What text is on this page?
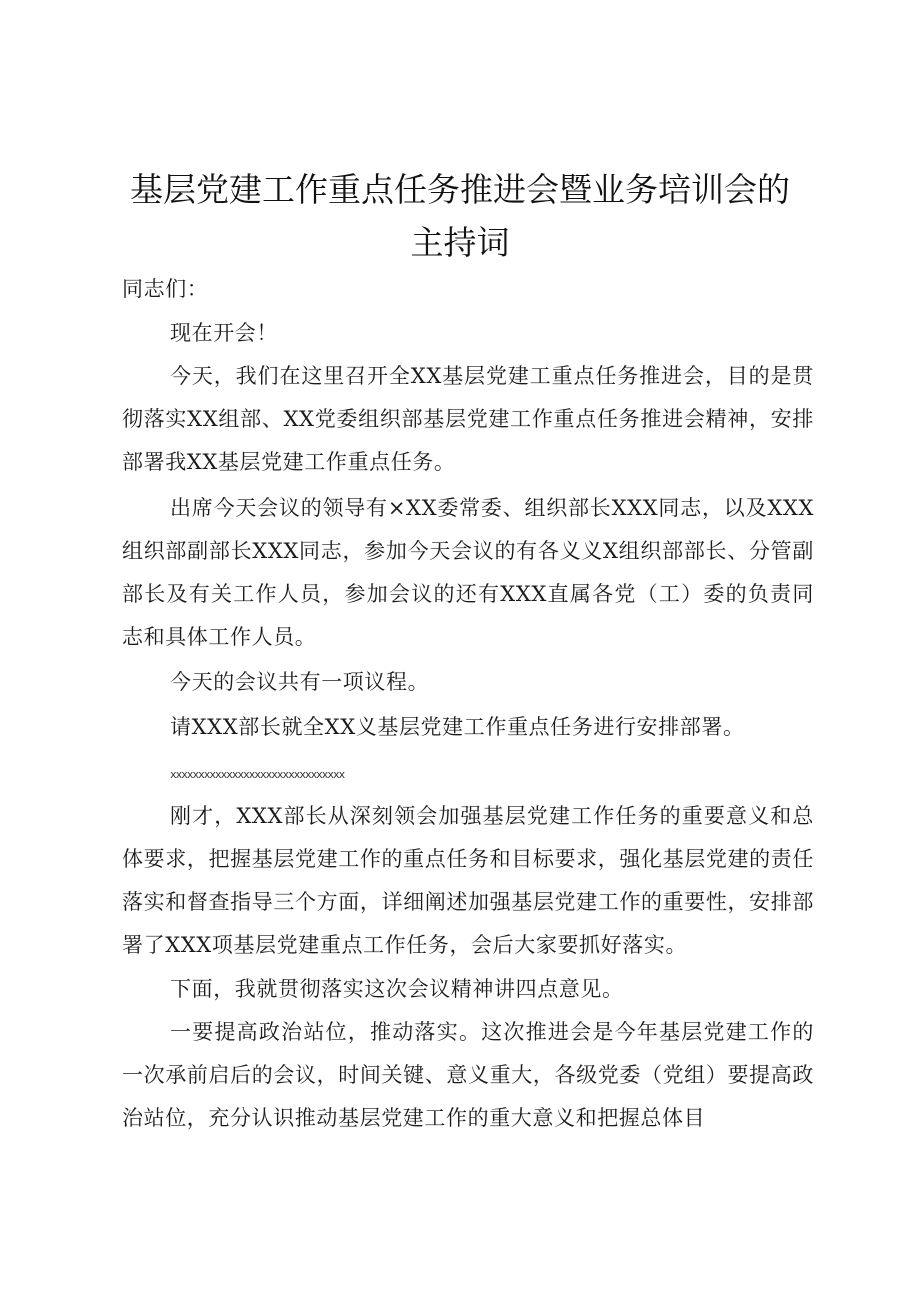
基层党建工作重点任务推进会暨业务培训会的
主持词

同志们：

现在开会！

今天，我们在这里召开全XX基层党建工重点任务推进会，目的是贯彻落实XX组部、XX党委组织部基层党建工作重点任务推进会精神，安排部署我XX基层党建工作重点任务。

出席今天会议的领导有×XX委常委、组织部长XXX同志，以及XXX组织部副部长XXX同志，参加今天会议的有各义义X组织部部长、分管副部长及有关工作人员，参加会议的还有XXX直属各党（工）委的负责同志和具体工作人员。

今天的会议共有一项议程。

请XXX部长就全XX义基层党建工作重点任务进行安排部署。

xxxxxxxxxxxxxxxxxxxxxxxxxxxxxxx

刚才，XXX部长从深刻领会加强基层党建工作任务的重要意义和总体要求，把握基层党建工作的重点任务和目标要求，强化基层党建的责任落实和督查指导三个方面，详细阐述加强基层党建工作的重要性，安排部署了XXX项基层党建重点工作任务，会后大家要抓好落实。

下面，我就贯彻落实这次会议精神讲四点意见。

一要提高政治站位，推动落实。这次推进会是今年基层党建工作的一次承前启后的会议，时间关键、意义重大，各级党委（党组）要提高政治站位，充分认识推动基层党建工作的重大意义和把握总体目
